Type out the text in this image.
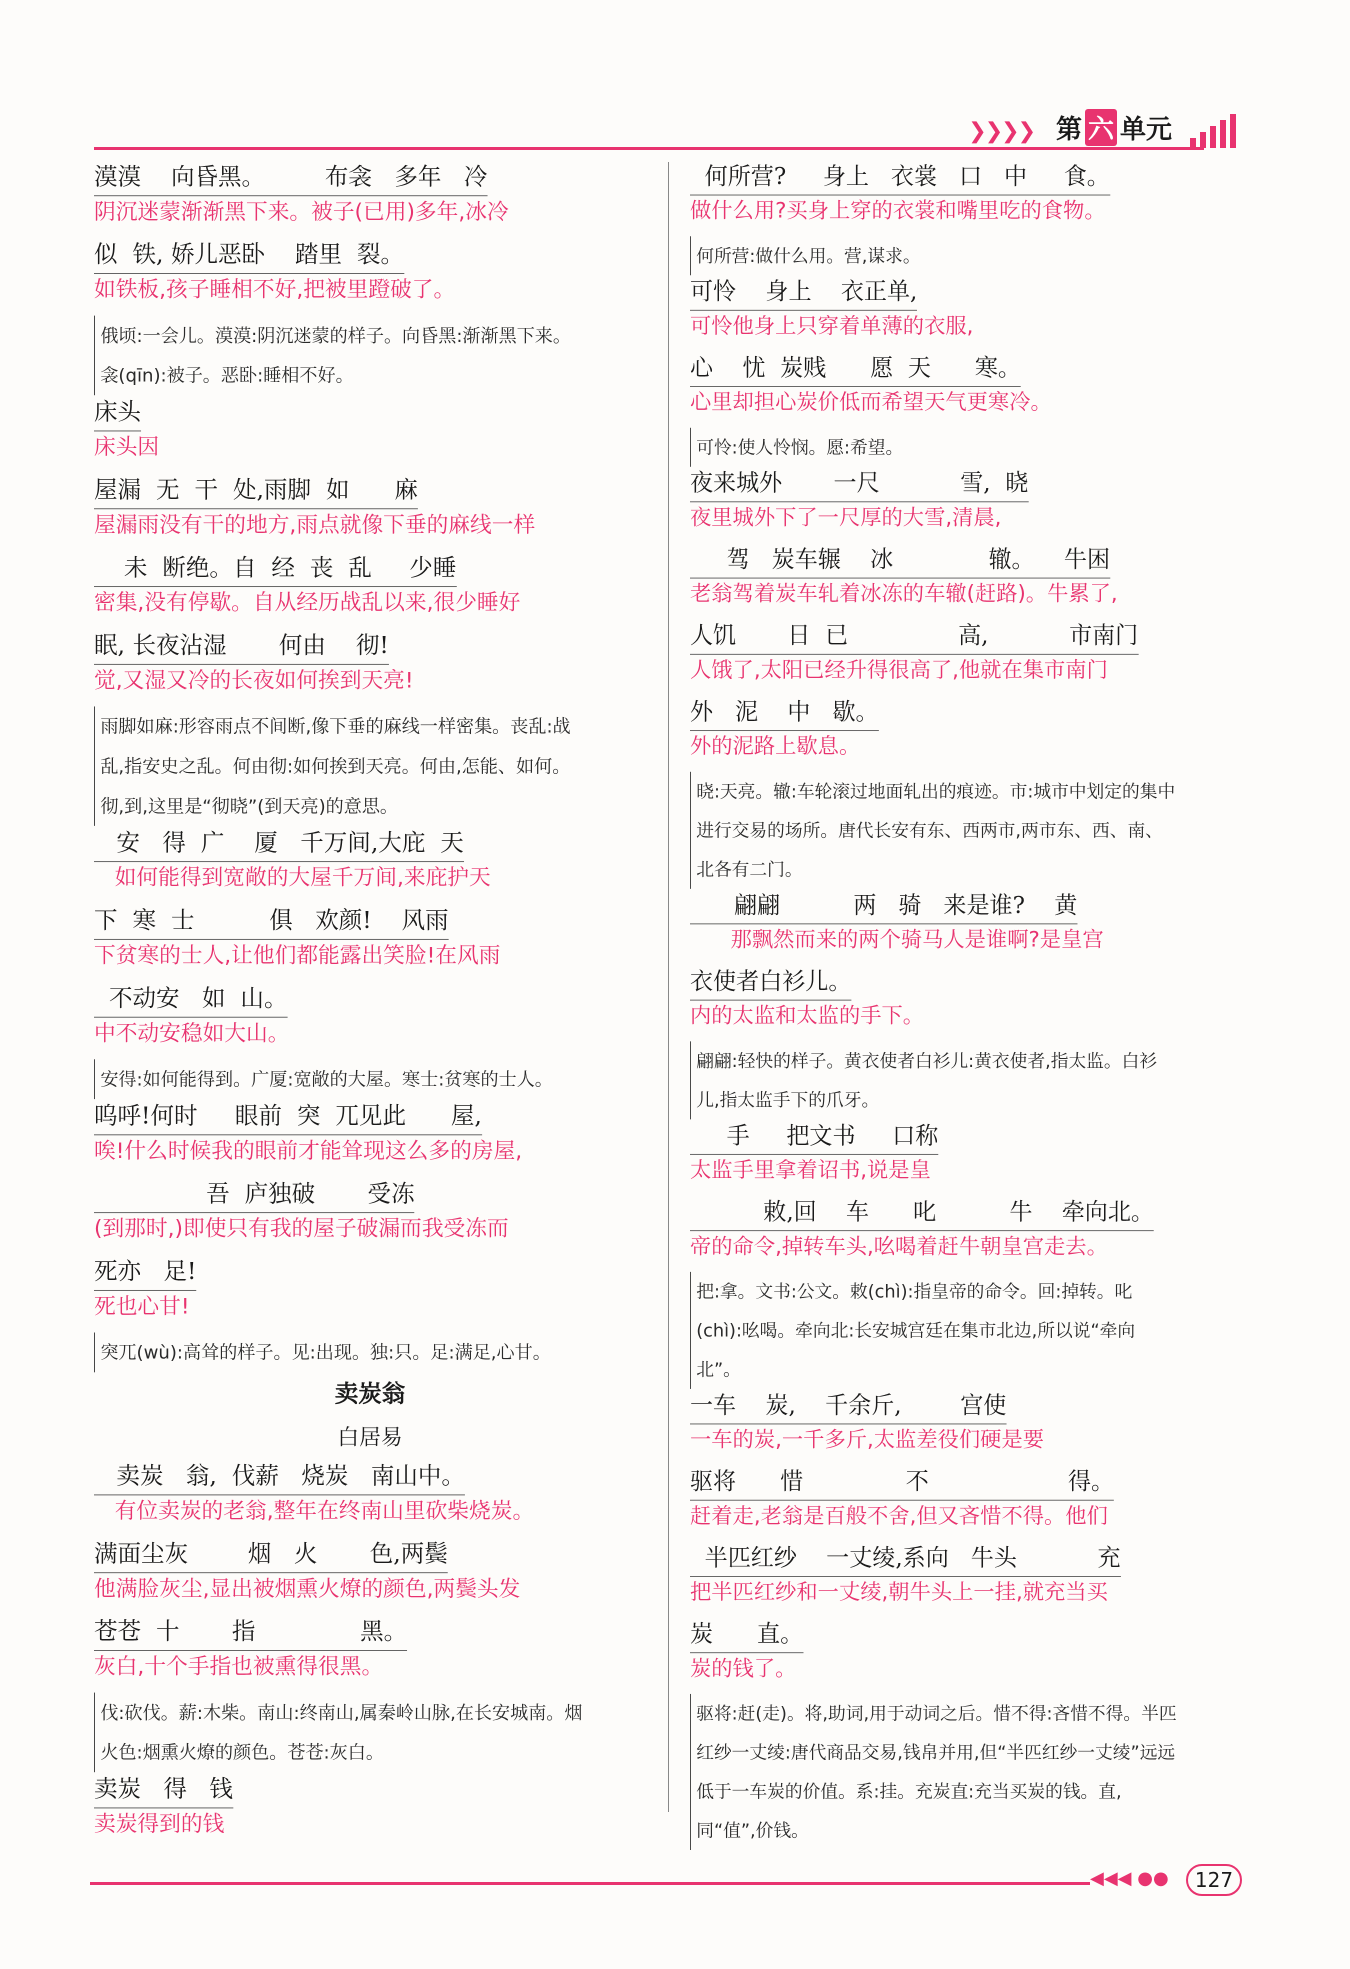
❯❯❯❯ 第 六 单元
漠漠    向昏黑。        布衾   多年   冷
阴沉迷蒙渐渐黑下来。被子(已用)多年,冰冷
似  铁, 娇儿恶卧    踏里  裂。
如铁板,孩子睡相不好,把被里蹬破了。
俄顷:一会儿。漠漠:阴沉迷蒙的样子。向昏黑:渐渐黑下来。衾(qīn):被子。恶卧:睡相不好。
床头
床头因
屋漏  无  干  处,雨脚  如      麻
屋漏雨没有干的地方,雨点就像下垂的麻线一样
未  断绝。自  经  丧  乱     少睡
密集,没有停歇。自从经历战乱以来,很少睡好
眠, 长夜沾湿       何由    彻!
觉,又湿又冷的长夜如何挨到天亮!
雨脚如麻:形容雨点不间断,像下垂的麻线一样密集。丧乱:战乱,指安史之乱。何由彻:如何挨到天亮。何由,怎能、如何。彻,到,这里是“彻晓”(到天亮)的意思。
安   得  广    厦   千万间,大庇  天
如何能得到宽敞的大屋千万间,来庇护天
下  寒  士          俱   欢颜!    风雨
下贫寒的士人,让他们都能露出笑脸!在风雨
不动安   如  山。
中不动安稳如大山。
安得:如何能得到。广厦:宽敞的大屋。寒士:贫寒的士人。
呜呼!何时     眼前  突  兀见此      屋,
唉!什么时候我的眼前才能耸现这么多的房屋,
吾  庐独破       受冻
(到那时,)即使只有我的屋子破漏而我受冻而
死亦   足!
死也心甘!
突兀(wù):高耸的样子。见:出现。独:只。足:满足,心甘。
卖炭翁
白居易
卖炭   翁,  伐薪   烧炭   南山中。
有位卖炭的老翁,整年在终南山里砍柴烧炭。
满面尘灰        烟   火       色,两鬓
他满脸灰尘,显出被烟熏火燎的颜色,两鬓头发
苍苍  十       指              黑。
灰白,十个手指也被熏得很黑。
伐:砍伐。薪:木柴。南山:终南山,属秦岭山脉,在长安城南。烟火色:烟熏火燎的颜色。苍苍:灰白。
卖炭   得   钱
卖炭得到的钱
何所营?     身上   衣裳   口   中     食。
做什么用?买身上穿的衣裳和嘴里吃的食物。
何所营:做什么用。营,谋求。
可怜    身上    衣正单,
可怜他身上只穿着单薄的衣服,
心    忧  炭贱      愿  天      寒。
心里却担心炭价低而希望天气更寒冷。
可怜:使人怜悯。愿:希望。
夜来城外       一尺           雪,  晓
夜里城外下了一尺厚的大雪,清晨,
驾   炭车辗    冰             辙。    牛困
老翁驾着炭车轧着冰冻的车辙(赶路)。牛累了,
人饥       日  已               高,           市南门
人饿了,太阳已经升得很高了,他就在集市南门
外   泥    中   歇。
外的泥路上歇息。
晓:天亮。辙:车轮滚过地面轧出的痕迹。市:城市中划定的集中进行交易的场所。唐代长安有东、西两市,两市东、西、南、北各有二门。
翩翩          两   骑   来是谁?    黄
那飘然而来的两个骑马人是谁啊?是皇宫
衣使者白衫儿。
内的太监和太监的手下。
翩翩:轻快的样子。黄衣使者白衫儿:黄衣使者,指太监。白衫儿,指太监手下的爪牙。
手     把文书     口称
太监手里拿着诏书,说是皇
敕,回    车      叱          牛    牵向北。
帝的命令,掉转车头,吆喝着赶牛朝皇宫走去。
把:拿。文书:公文。敕(chì):指皇帝的命令。回:掉转。叱(chì):吆喝。牵向北:长安城宫廷在集市北边,所以说“牵向北”。
一车    炭,    千余斤,        宫使
一车的炭,一千多斤,太监差役们硬是要
驱将      惜              不                   得。
赶着走,老翁是百般不舍,但又吝惜不得。他们
半匹红纱    一丈绫,系向   牛头           充
把半匹红纱和一丈绫,朝牛头上一挂,就充当买
炭      直。
炭的钱了。
驱将:赶(走)。将,助词,用于动词之后。惜不得:吝惜不得。半匹红纱一丈绫:唐代商品交易,钱帛并用,但“半匹红纱一丈绫”远远低于一车炭的价值。系:挂。充炭直:充当买炭的钱。直,同“值”,价钱。
◀◀◀ ●●	127
